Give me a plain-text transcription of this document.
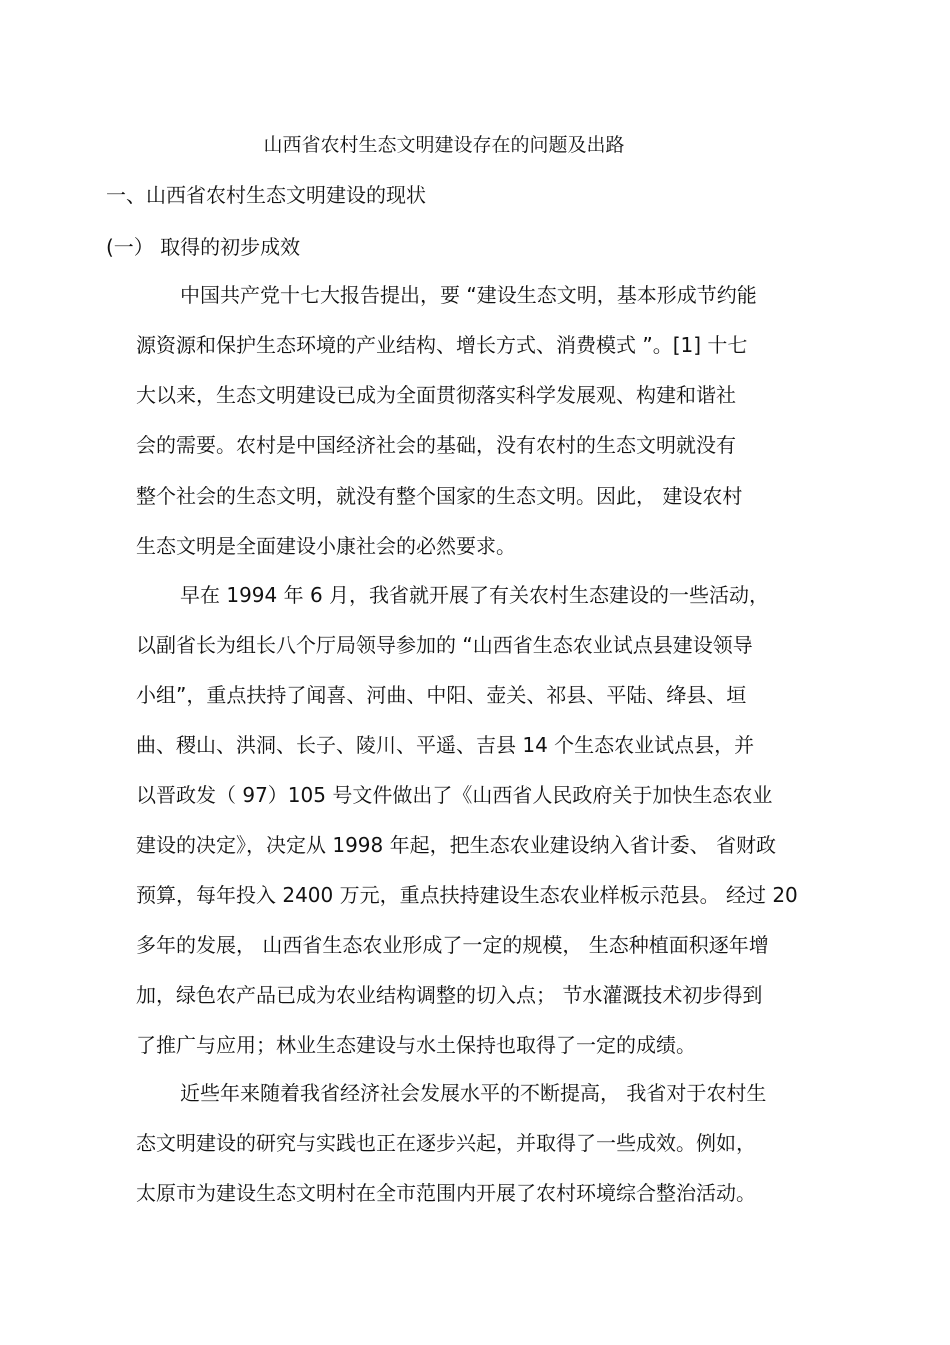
山西省农村生态文明建设存在的问题及出路
一、山西省农村生态文明建设的现状
(一） 取得的初步成效
中国共产党十七大报告提出，要 “建设生态文明，基本形成节约能
源资源和保护生态环境的产业结构、增长方式、消费模式 ”。[1] 十七
大以来，生态文明建设已成为全面贯彻落实科学发展观、构建和谐社
会的需要。农村是中国经济社会的基础，没有农村的生态文明就没有
整个社会的生态文明，就没有整个国家的生态文明。因此， 建设农村
生态文明是全面建设小康社会的必然要求。
早在 1994 年 6 月，我省就开展了有关农村生态建设的一些活动，
以副省长为组长八个厅局领导参加的 “山西省生态农业试点县建设领导
小组”，重点扶持了闻喜、河曲、中阳、壶关、祁县、平陆、绛县、垣
曲、稷山、洪洞、长子、陵川、平遥、吉县 14 个生态农业试点县，并
以晋政发（ 97）105 号文件做出了《山西省人民政府关于加快生态农业
建设的决定》，决定从 1998 年起，把生态农业建设纳入省计委、 省财政
预算，每年投入 2400 万元，重点扶持建设生态农业样板示范县。 经过 20
多年的发展， 山西省生态农业形成了一定的规模， 生态种植面积逐年增
加，绿色农产品已成为农业结构调整的切入点； 节水灌溉技术初步得到
了推广与应用；林业生态建设与水土保持也取得了一定的成绩。
近些年来随着我省经济社会发展水平的不断提高， 我省对于农村生
态文明建设的研究与实践也正在逐步兴起，并取得了一些成效。例如，
太原市为建设生态文明村在全市范围内开展了农村环境综合整治活动。
